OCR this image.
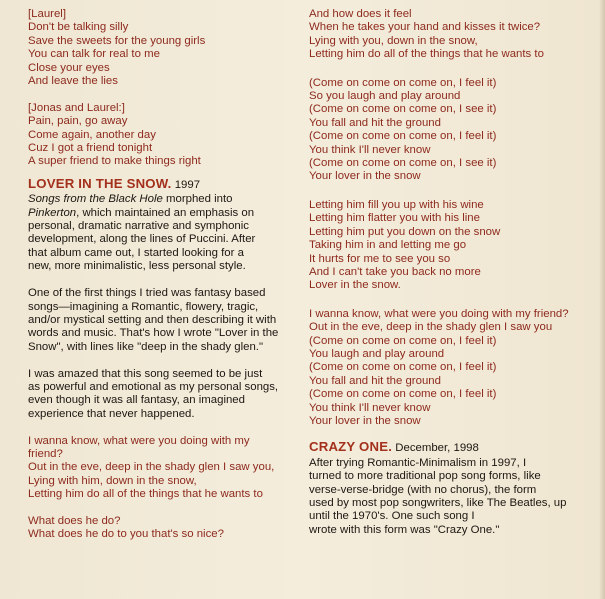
[Laurel]
Don't be talking silly
Save the sweets for the young girls
You can talk for real to me
Close your eyes
And leave the lies
[Jonas and Laurel:]
Pain, pain, go away
Come again, another day
Cuz I got a friend tonight
A super friend to make things right
LOVER IN THE SNOW. 1997
Songs from the Black Hole morphed into
Pinkerton, which maintained an emphasis on
personal, dramatic narrative and symphonic
development, along the lines of Puccini. After
that album came out, I started looking for a
new, more minimalistic, less personal style.
One of the first things I tried was fantasy based
songs—imagining a Romantic, flowery, tragic,
and/or mystical setting and then describing it with
words and music. That's how I wrote "Lover in the
Snow", with lines like "deep in the shady glen."
I was amazed that this song seemed to be just
as powerful and emotional as my personal songs,
even though it was all fantasy, an imagined
experience that never happened.
I wanna know, what were you doing with my
friend?
Out in the eve, deep in the shady glen I saw you,
Lying with him, down in the snow,
Letting him do all of the things that he wants to
What does he do?
What does he do to you that's so nice?
And how does it feel
When he takes your hand and kisses it twice?
Lying with you, down in the snow,
Letting him do all of the things that he wants to
(Come on come on come on, I feel it)
So you laugh and play around
(Come on come on come on, I see it)
You fall and hit the ground
(Come on come on come on, I feel it)
You think I'll never know
(Come on come on come on, I see it)
Your lover in the snow
Letting him fill you up with his wine
Letting him flatter you with his line
Letting him put you down on the snow
Taking him in and letting me go
It hurts for me to see you so
And I can't take you back no more
Lover in the snow.
I wanna know, what were you doing with my friend?
Out in the eve, deep in the shady glen I saw you
(Come on come on come on, I feel it)
You laugh and play around
(Come on come on come on, I feel it)
You fall and hit the ground
(Come on come on come on, I feel it)
You think I'll never know
Your lover in the snow
CRAZY ONE. December, 1998
After trying Romantic-Minimalism in 1997, I
turned to more traditional pop song forms, like
verse-verse-bridge (with no chorus), the form
used by most pop songwriters, like The Beatles, up
until the 1970's. One such song I
wrote with this form was "Crazy One."
